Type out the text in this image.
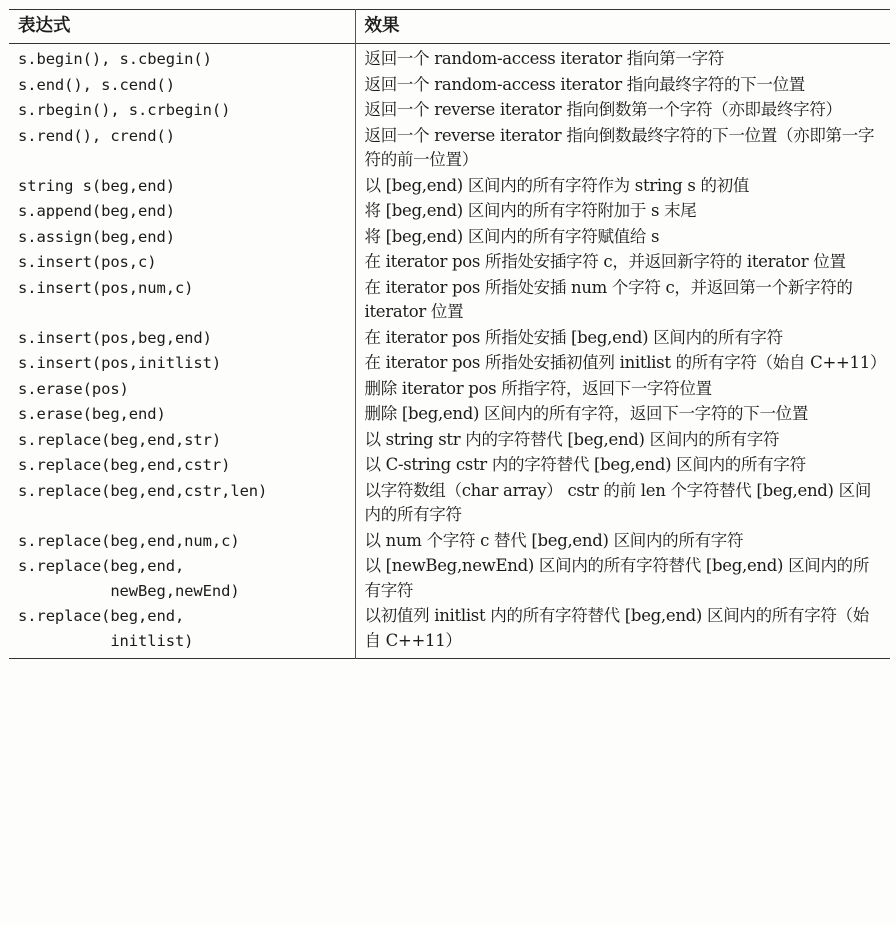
表达式	效果
s.begin(), s.cbegin()	返回一个 random-access iterator 指向第一字符
s.end(), s.cend()	返回一个 random-access iterator 指向最终字符的下一位置
s.rbegin(), s.crbegin()	返回一个 reverse iterator 指向倒数第一个字符（亦即最终字符）
s.rend(), crend()	返回一个 reverse iterator 指向倒数最终字符的下一位置（亦即第一字符的前一位置）
string s(beg,end)	以 [beg,end) 区间内的所有字符作为 string s 的初值
s.append(beg,end)	将 [beg,end) 区间内的所有字符附加于 s 末尾
s.assign(beg,end)	将 [beg,end) 区间内的所有字符赋值给 s
s.insert(pos,c)	在 iterator pos 所指处安插字符 c，并返回新字符的 iterator 位置
s.insert(pos,num,c)	在 iterator pos 所指处安插 num 个字符 c，并返回第一个新字符的 iterator 位置
s.insert(pos,beg,end)	在 iterator pos 所指处安插 [beg,end) 区间内的所有字符
s.insert(pos,initlist)	在 iterator pos 所指处安插初值列 initlist 的所有字符（始自 C++11）
s.erase(pos)	删除 iterator pos 所指字符，返回下一字符位置
s.erase(beg,end)	删除 [beg,end) 区间内的所有字符，返回下一字符的下一位置
s.replace(beg,end,str)	以 string str 内的字符替代 [beg,end) 区间内的所有字符
s.replace(beg,end,cstr)	以 C-string cstr 内的字符替代 [beg,end) 区间内的所有字符
s.replace(beg,end,cstr,len)	以字符数组（char array） cstr 的前 len 个字符替代 [beg,end) 区间内的所有字符
s.replace(beg,end,num,c)	以 num 个字符 c 替代 [beg,end) 区间内的所有字符
s.replace(beg,end,
newBeg,newEnd)	以 [newBeg,newEnd) 区间内的所有字符替代 [beg,end) 区间内的所有字符
s.replace(beg,end,
initlist)	以初值列 initlist 内的所有字符替代 [beg,end) 区间内的所有字符（始自 C++11）
